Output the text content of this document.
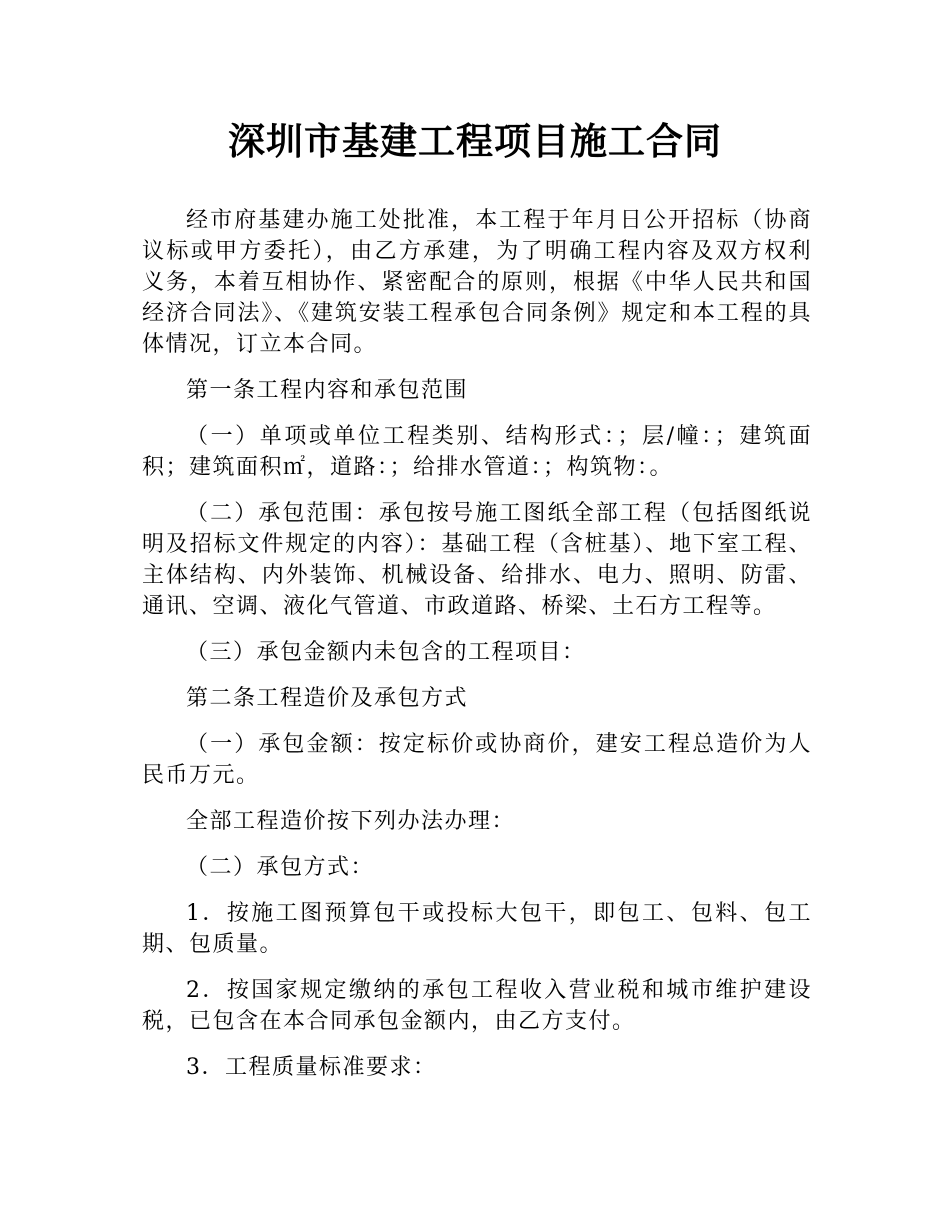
深圳市基建工程项目施工合同

经市府基建办施工处批准，本工程于年月日公开招标（协商议标或甲方委托），由乙方承建，为了明确工程内容及双方权利义务，本着互相协作、紧密配合的原则，根据《中华人民共和国经济合同法》、《建筑安装工程承包合同条例》规定和本工程的具体情况，订立本合同。

第一条工程内容和承包范围

（一）单项或单位工程类别、结构形式：；层/幢：；建筑面积；建筑面积㎡，道路：；给排水管道：；构筑物：。

（二）承包范围：承包按号施工图纸全部工程（包括图纸说明及招标文件规定的内容）：基础工程（含桩基）、地下室工程、主体结构、内外装饰、机械设备、给排水、电力、照明、防雷、通讯、空调、液化气管道、市政道路、桥梁、土石方工程等。

（三）承包金额内未包含的工程项目：

第二条工程造价及承包方式

（一）承包金额：按定标价或协商价，建安工程总造价为人民币万元。

全部工程造价按下列办法办理：

（二）承包方式：

1．按施工图预算包干或投标大包干，即包工、包料、包工期、包质量。

2．按国家规定缴纳的承包工程收入营业税和城市维护建设税，已包含在本合同承包金额内，由乙方支付。

3．工程质量标准要求：
